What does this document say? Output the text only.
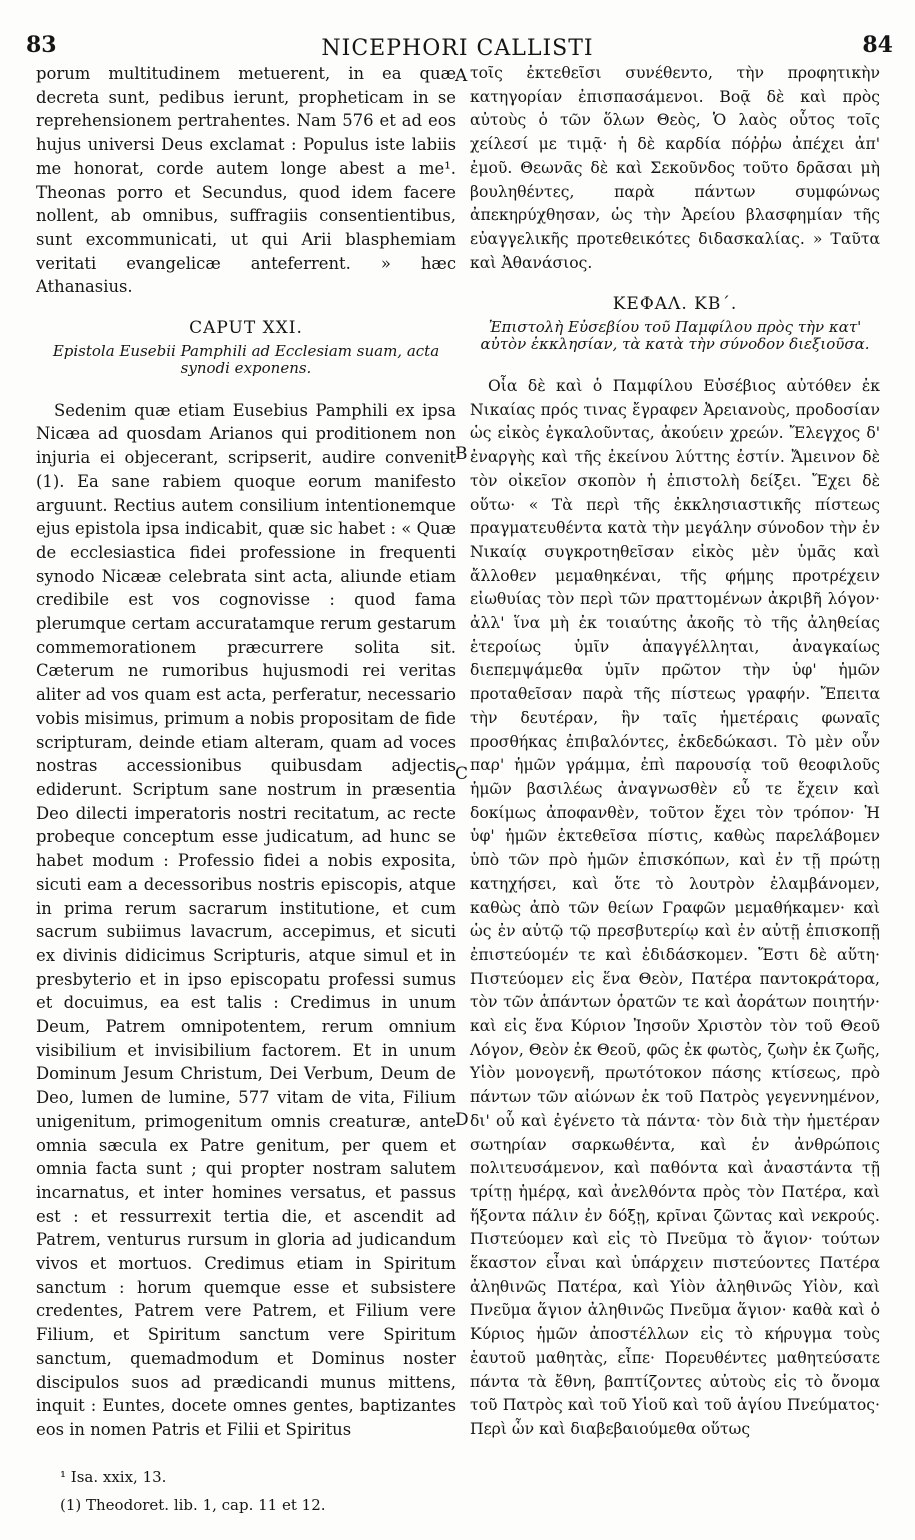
83	NICEPHORI CALLISTI	84

porum multitudinem metuerent, in ea quæ decreta sunt, pedibus ierunt, propheticam in se reprehensionem pertrahentes. Nam 576 et ad eos hujus universi Deus exclamat : Populus iste labiis me honorat, corde autem longe abest a me¹. Theonas porro et Secundus, quod idem facere nollent, ab omnibus, suffragiis consentientibus, sunt excommunicati, ut qui Arii blasphemiam veritati evangelicæ anteferrent. » hæc Athanasius.

CAPUT XXI.
Epistola Eusebii Pamphili ad Ecclesiam suam, acta synodi exponens.

Sedenim quæ etiam Eusebius Pamphili ex ipsa Nicæa ad quosdam Arianos qui proditionem non injuria ei objecerant, scripserit, audire convenit (1). Ea sane rabiem quoque eorum manifesto arguunt. Rectius autem consilium intentionemque ejus epistola ipsa indicabit, quæ sic habet : « Quæ de ecclesiastica fidei professione in frequenti synodo Nicææ celebrata sint acta, aliunde etiam credibile est vos cognovisse : quod fama plerumque certam accuratamque rerum gestarum commemorationem præcurrere solita sit. Cæterum ne rumoribus hujusmodi rei veritas aliter ad vos quam est acta, perferatur, necessario vobis misimus, primum a nobis propositam de fide scripturam, deinde etiam alteram, quam ad voces nostras accessionibus quibusdam adjectis ediderunt. Scriptum sane nostrum in præsentia Deo dilecti imperatoris nostri recitatum, ac recte probeque conceptum esse judicatum, ad hunc se habet modum : Professio fidei a nobis exposita, sicuti eam a decessoribus nostris episcopis, atque in prima rerum sacrarum institutione, et cum sacrum subiimus lavacrum, accepimus, et sicuti ex divinis didicimus Scripturis, atque simul et in presbyterio et in ipso episcopatu professi sumus et docuimus, ea est talis : Credimus in unum Deum, Patrem omnipotentem, rerum omnium visibilium et invisibilium factorem. Et in unum Dominum Jesum Christum, Dei Verbum, Deum de Deo, lumen de lumine, 577 vitam de vita, Filium unigenitum, primogenitum omnis creaturæ, ante omnia sæcula ex Patre genitum, per quem et omnia facta sunt ; qui propter nostram salutem incarnatus, et inter homines versatus, et passus est : et ressurrexit tertia die, et ascendit ad Patrem, venturus rursum in gloria ad judicandum vivos et mortuos. Credimus etiam in Spiritum sanctum : horum quemque esse et subsistere credentes, Patrem vere Patrem, et Filium vere Filium, et Spiritum sanctum vere Spiritum sanctum, quemadmodum et Dominus noster discipulos suos ad prædicandi munus mittens, inquit : Euntes, docete omnes gentes, baptizantes eos in nomen Patris et Filii et Spiritus

A
B
C
D

τοῖς ἐκτεθεῖσι συνέθεντο, τὴν προφητικὴν κατηγορίαν ἐπισπασάμενοι. Βοᾷ δὲ καὶ πρὸς αὐτοὺς ὁ τῶν ὅλων Θεὸς, Ὁ λαὸς οὗτος τοῖς χείλεσί με τιμᾷ· ἡ δὲ καρδία πόῤῥω ἀπέχει ἀπ' ἐμοῦ. Θεωνᾶς δὲ καὶ Σεκοῦνδος τοῦτο δρᾶσαι μὴ βουληθέντες, παρὰ πάντων συμφώνως ἀπεκηρύχθησαν, ὡς τὴν Ἀρείου βλασφημίαν τῆς εὐαγγελικῆς προτεθεικότες διδασκαλίας. » Ταῦτα καὶ Ἀθανάσιος.

ΚΕΦΑΛ. ΚΒ΄.
Ἐπιστολὴ Εὐσεβίου τοῦ Παμφίλου πρὸς τὴν κατ' αὐτὸν ἐκκλησίαν, τὰ κατὰ τὴν σύνοδον διεξιοῦσα.

Οἷα δὲ καὶ ὁ Παμφίλου Εὐσέβιος αὐτόθεν ἐκ Νικαίας πρός τινας ἔγραφεν Ἀρειανοὺς, προδοσίαν ὡς εἰκὸς ἐγκαλοῦντας, ἀκούειν χρεών. Ἔλεγχος δ' ἐναργὴς καὶ τῆς ἐκείνου λύττης ἐστίν. Ἄμεινον δὲ τὸν οἰκεῖον σκοπὸν ἡ ἐπιστολὴ δείξει. Ἔχει δὲ οὕτω· « Τὰ περὶ τῆς ἐκκλησιαστικῆς πίστεως πραγματευθέντα κατὰ τὴν μεγάλην σύνοδον τὴν ἐν Νικαίᾳ συγκροτηθεῖσαν εἰκὸς μὲν ὑμᾶς καὶ ἄλλοθεν μεμαθηκέναι, τῆς φήμης προτρέχειν εἰωθυίας τὸν περὶ τῶν πραττομένων ἀκριβῆ λόγον· ἀλλ' ἵνα μὴ ἐκ τοιαύτης ἀκοῆς τὸ τῆς ἀληθείας ἑτεροίως ὑμῖν ἀπαγγέλληται, ἀναγκαίως διεπεμψάμεθα ὑμῖν πρῶτον τὴν ὑφ' ἡμῶν προταθεῖσαν παρὰ τῆς πίστεως γραφήν. Ἔπειτα τὴν δευτέραν, ἣν ταῖς ἡμετέραις φωναῖς προσθήκας ἐπιβαλόντες, ἐκδεδώκασι. Τὸ μὲν οὖν παρ' ἡμῶν γράμμα, ἐπὶ παρουσίᾳ τοῦ θεοφιλοῦς ἡμῶν βασιλέως ἀναγνωσθὲν εὖ τε ἔχειν καὶ δοκίμως ἀποφανθὲν, τοῦτον ἔχει τὸν τρόπον· Ἡ ὑφ' ἡμῶν ἐκτεθεῖσα πίστις, καθὼς παρελάβομεν ὑπὸ τῶν πρὸ ἡμῶν ἐπισκόπων, καὶ ἐν τῇ πρώτῃ κατηχήσει, καὶ ὅτε τὸ λουτρὸν ἐλαμβάνομεν, καθὼς ἀπὸ τῶν θείων Γραφῶν μεμαθήκαμεν· καὶ ὡς ἐν αὐτῷ τῷ πρεσβυτερίῳ καὶ ἐν αὐτῇ ἐπισκοπῇ ἐπιστεύομέν τε καὶ ἐδιδάσκομεν. Ἔστι δὲ αὕτη· Πιστεύομεν εἰς ἕνα Θεὸν, Πατέρα παντοκράτορα, τὸν τῶν ἁπάντων ὁρατῶν τε καὶ ἀοράτων ποιητήν· καὶ εἰς ἕνα Κύριον Ἰησοῦν Χριστὸν τὸν τοῦ Θεοῦ Λόγον, Θεὸν ἐκ Θεοῦ, φῶς ἐκ φωτὸς, ζωὴν ἐκ ζωῆς, Υἱὸν μονογενῆ, πρωτότοκον πάσης κτίσεως, πρὸ πάντων τῶν αἰώνων ἐκ τοῦ Πατρὸς γεγεννημένον, δι' οὗ καὶ ἐγένετο τὰ πάντα· τὸν διὰ τὴν ἡμετέραν σωτηρίαν σαρκωθέντα, καὶ ἐν ἀνθρώποις πολιτευσάμενον, καὶ παθόντα καὶ ἀναστάντα τῇ τρίτῃ ἡμέρᾳ, καὶ ἀνελθόντα πρὸς τὸν Πατέρα, καὶ ἥξοντα πάλιν ἐν δόξῃ, κρῖναι ζῶντας καὶ νεκρούς. Πιστεύομεν καὶ εἰς τὸ Πνεῦμα τὸ ἅγιον· τούτων ἕκαστον εἶναι καὶ ὑπάρχειν πιστεύοντες Πατέρα ἀληθινῶς Πατέρα, καὶ Υἱὸν ἀληθινῶς Υἱὸν, καὶ Πνεῦμα ἅγιον ἀληθινῶς Πνεῦμα ἅγιον· καθὰ καὶ ὁ Κύριος ἡμῶν ἀποστέλλων εἰς τὸ κήρυγμα τοὺς ἑαυτοῦ μαθητὰς, εἶπε· Πορευθέντες μαθητεύσατε πάντα τὰ ἔθνη, βαπτίζοντες αὐτοὺς εἰς τὸ ὄνομα τοῦ Πατρὸς καὶ τοῦ Υἱοῦ καὶ τοῦ ἁγίου Πνεύματος· Περὶ ὧν καὶ διαβεβαιούμεθα οὕτως

¹ Isa. xxix, 13.
(1) Theodoret. lib. 1, cap. 11 et 12.
